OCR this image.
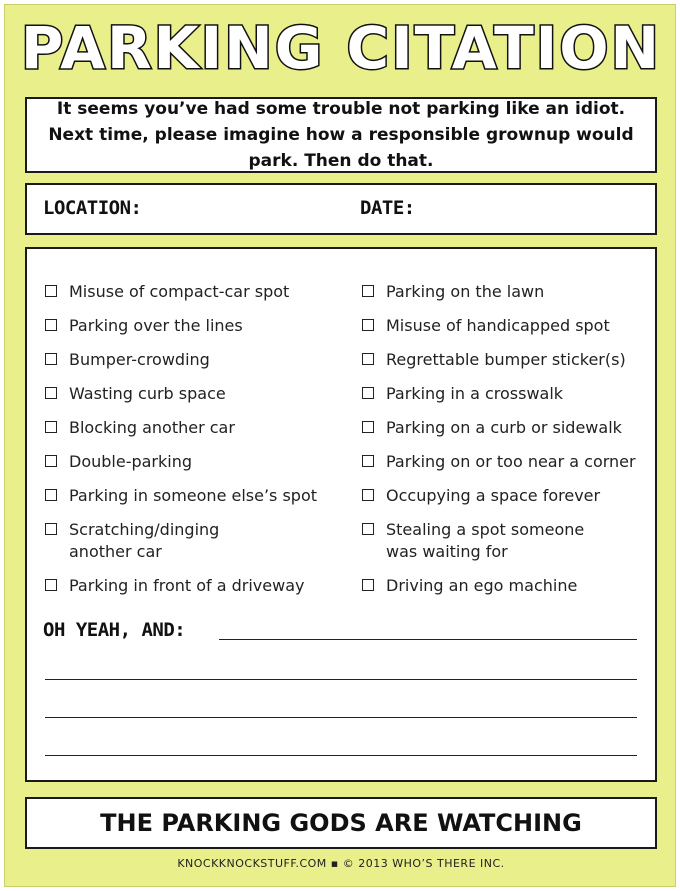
PARKING CITATION
It seems you’ve had some trouble not parking like an idiot. Next time, please imagine how a responsible grownup would park. Then do that.
LOCATION:	DATE:
Misuse of compact-car spot
Parking over the lines
Bumper-crowding
Wasting curb space
Blocking another car
Double-parking
Parking in someone else’s spot
Scratching/dinging another car
Parking in front of a driveway
Parking on the lawn
Misuse of handicapped spot
Regrettable bumper sticker(s)
Parking in a crosswalk
Parking on a curb or sidewalk
Parking on or too near a corner
Occupying a space forever
Stealing a spot someone was waiting for
Driving an ego machine
OH YEAH, AND:
THE PARKING GODS ARE WATCHING
KNOCKKNOCKSTUFF.COM ▪ © 2013 WHO’S THERE INC.
